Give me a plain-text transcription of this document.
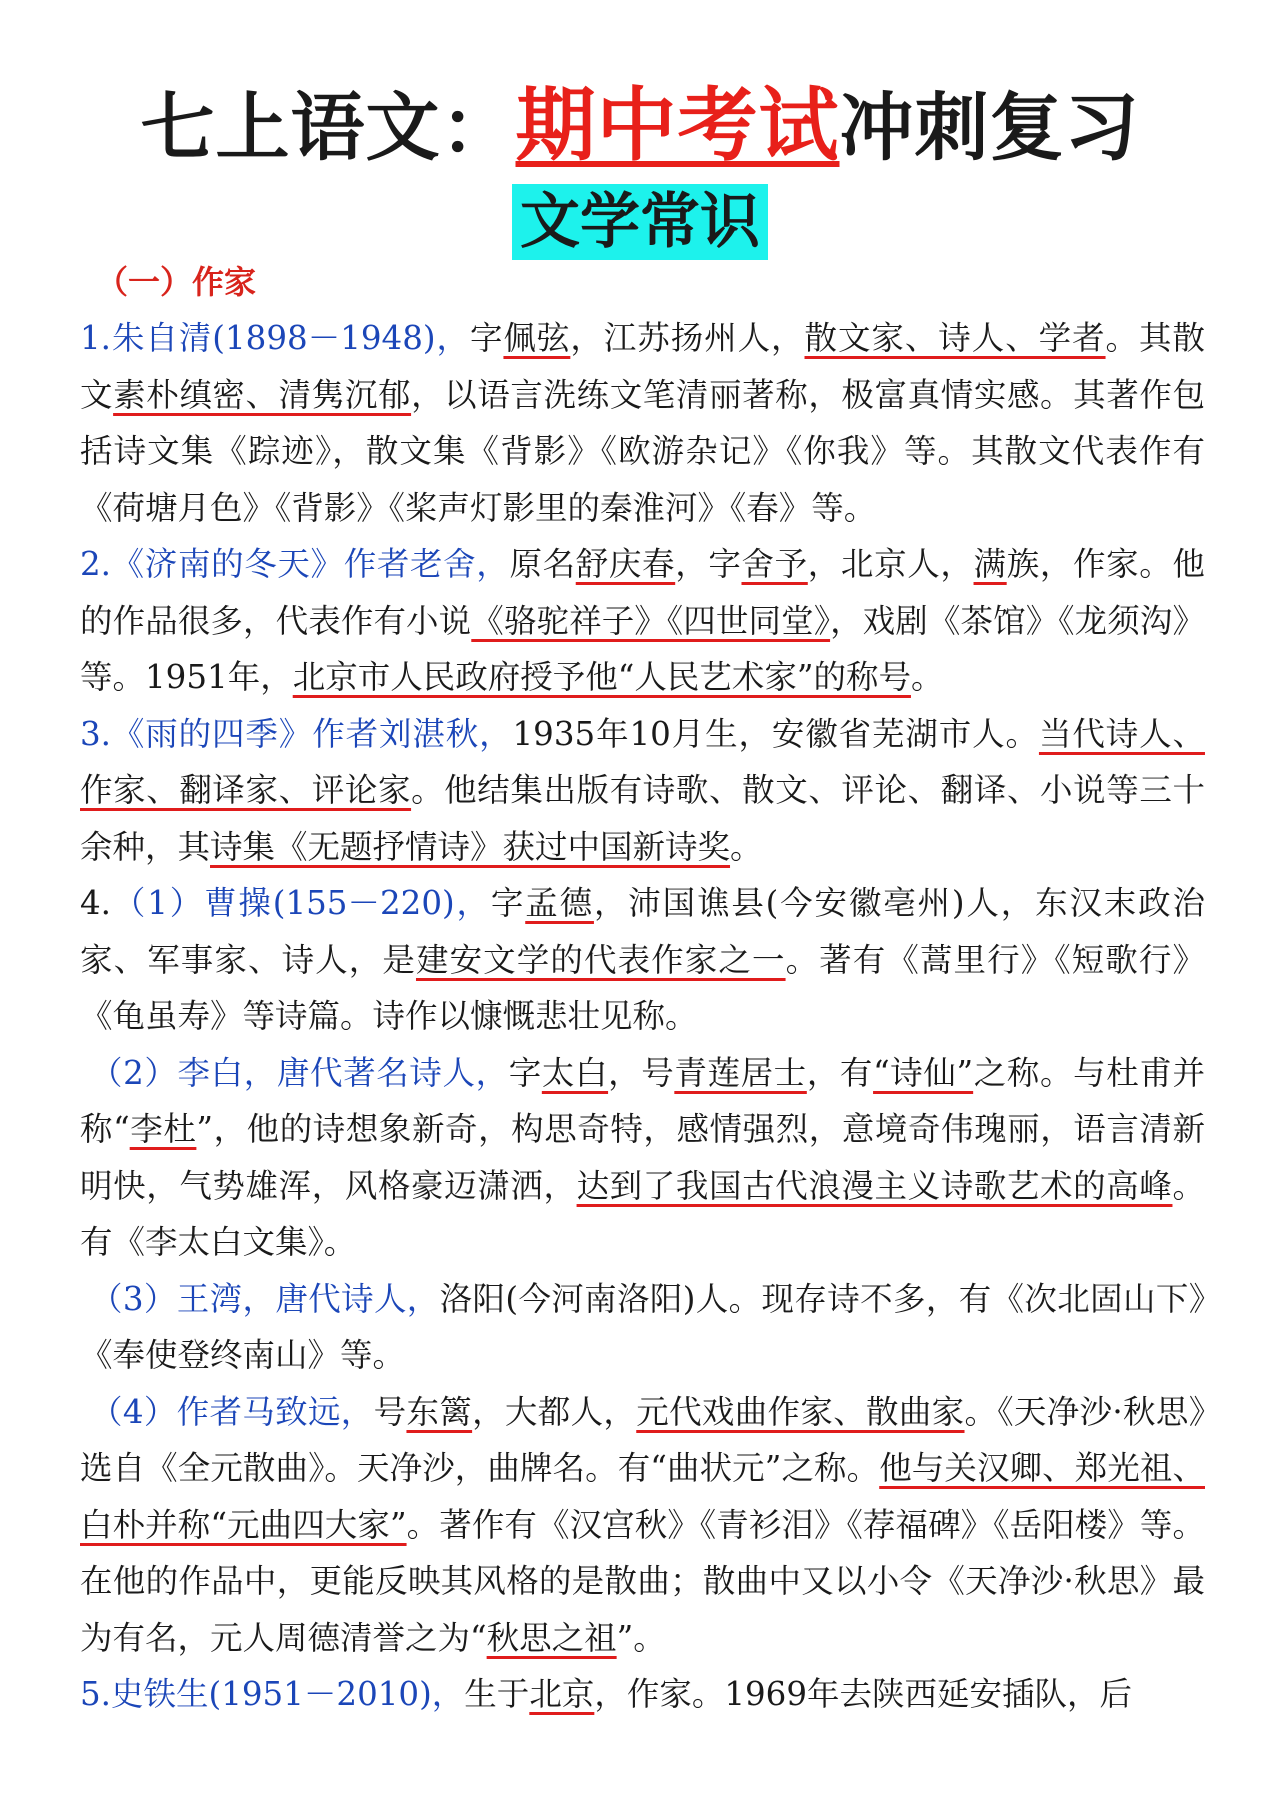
七上语文：期中考试冲刺复习
文学常识
（一）作家

1.朱自清(1898－1948)，字佩弦，江苏扬州人，散文家、诗人、学者。其散文素朴缜密、清隽沉郁，以语言洗练文笔清丽著称，极富真情实感。其著作包括诗文集《踪迹》，散文集《背影》《欧游杂记》《你我》等。其散文代表作有《荷塘月色》《背影》《桨声灯影里的秦淮河》《春》等。

2.《济南的冬天》作者老舍，原名舒庆春，字舍予，北京人，满族，作家。他的作品很多，代表作有小说《骆驼祥子》《四世同堂》，戏剧《茶馆》《龙须沟》等。1951年，北京市人民政府授予他“人民艺术家”的称号。

3.《雨的四季》作者刘湛秋，1935年10月生，安徽省芜湖市人。当代诗人、作家、翻译家、评论家。他结集出版有诗歌、散文、评论、翻译、小说等三十余种，其诗集《无题抒情诗》获过中国新诗奖。

4.（1）曹操(155－220)，字孟德，沛国谯县(今安徽亳州)人，东汉末政治家、军事家、诗人，是建安文学的代表作家之一。著有《蒿里行》《短歌行》《龟虽寿》等诗篇。诗作以慷慨悲壮见称。

（2）李白，唐代著名诗人，字太白，号青莲居士，有“诗仙”之称。与杜甫并称“李杜”，他的诗想象新奇，构思奇特，感情强烈，意境奇伟瑰丽，语言清新明快，气势雄浑，风格豪迈潇洒，达到了我国古代浪漫主义诗歌艺术的高峰。有《李太白文集》。

（3）王湾，唐代诗人，洛阳(今河南洛阳)人。现存诗不多，有《次北固山下》《奉使登终南山》等。

（4）作者马致远，号东篱，大都人，元代戏曲作家、散曲家。《天净沙·秋思》选自《全元散曲》。天净沙，曲牌名。有“曲状元”之称。他与关汉卿、郑光祖、白朴并称“元曲四大家”。著作有《汉宫秋》《青衫泪》《荐福碑》《岳阳楼》等。在他的作品中，更能反映其风格的是散曲；散曲中又以小令《天净沙·秋思》最为有名，元人周德清誉之为“秋思之祖”。

5.史铁生(1951－2010)，生于北京，作家。1969年去陕西延安插队，后
